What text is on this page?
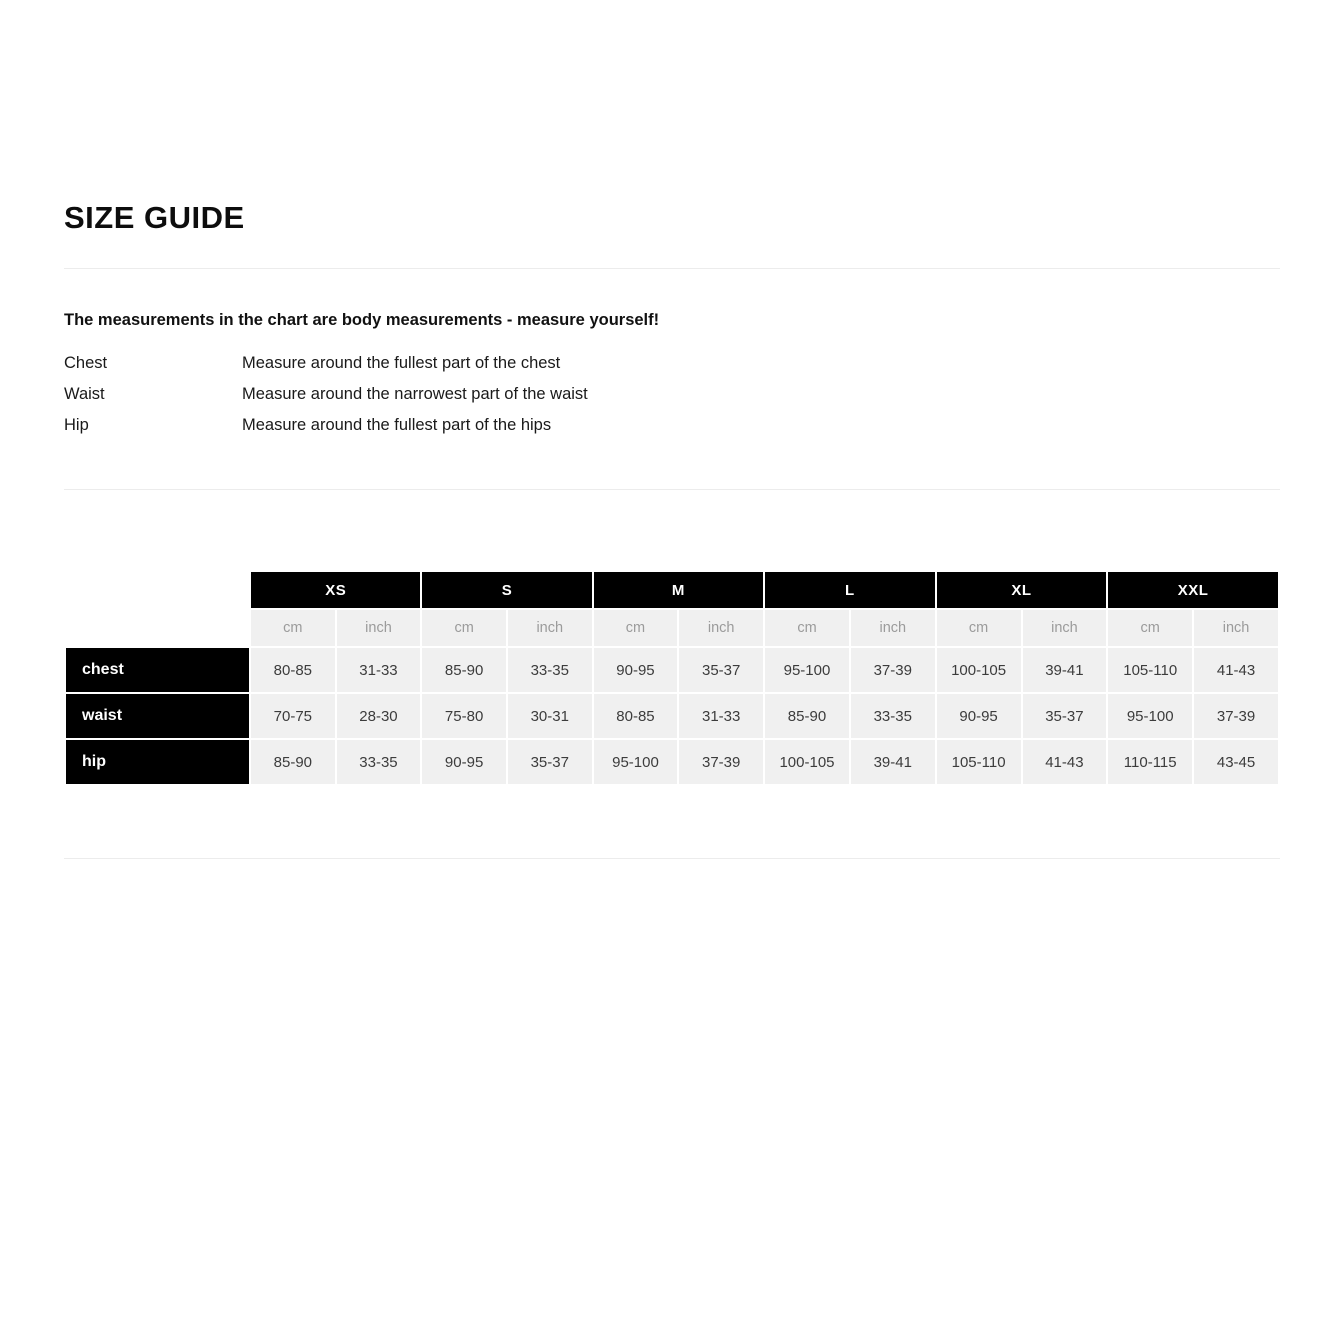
SIZE GUIDE
The measurements in the chart are body measurements - measure yourself!
Chest	Measure around the fullest part of the chest
Waist	Measure around the narrowest part of the waist
Hip	Measure around the fullest part of the hips
	XS		S		M		L		XL		XXL	
	cm	inch	cm	inch	cm	inch	cm	inch	cm	inch	cm	inch
chest	80-85	31-33	85-90	33-35	90-95	35-37	95-100	37-39	100-105	39-41	105-110	41-43
waist	70-75	28-30	75-80	30-31	80-85	31-33	85-90	33-35	90-95	35-37	95-100	37-39
hip	85-90	33-35	90-95	35-37	95-100	37-39	100-105	39-41	105-110	41-43	110-115	43-45
